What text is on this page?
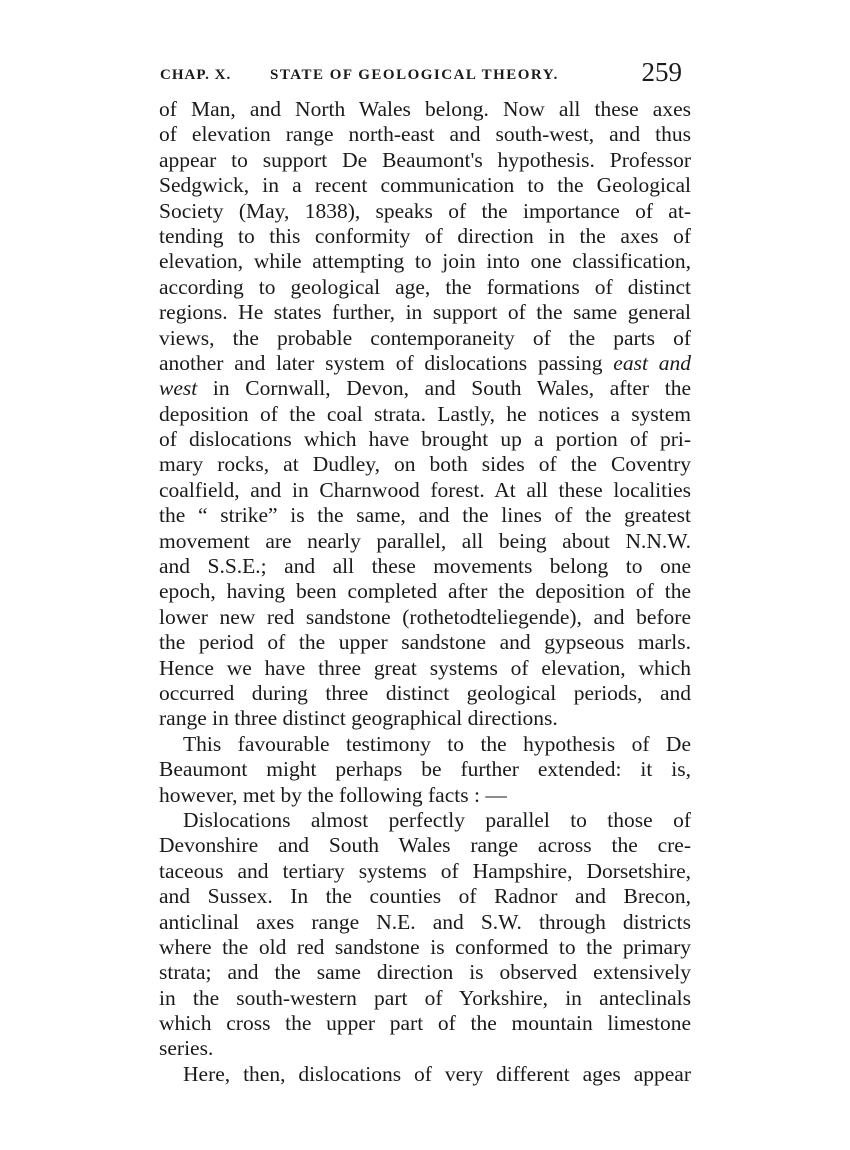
CHAP. X.	STATE OF GEOLOGICAL THEORY.	259
of Man, and North Wales belong. Now all these axes
of elevation range north-east and south-west, and thus
appear to support De Beaumont's hypothesis. Professor
Sedgwick, in a recent communication to the Geological
Society (May, 1838), speaks of the importance of at-
tending to this conformity of direction in the axes of
elevation, while attempting to join into one classification,
according to geological age, the formations of distinct
regions. He states further, in support of the same general
views, the probable contemporaneity of the parts of
another and later system of dislocations passing east and
west in Cornwall, Devon, and South Wales, after the
deposition of the coal strata. Lastly, he notices a system
of dislocations which have brought up a portion of pri-
mary rocks, at Dudley, on both sides of the Coventry
coalfield, and in Charnwood forest. At all these localities
the “ strike” is the same, and the lines of the greatest
movement are nearly parallel, all being about N.N.W.
and S.S.E.; and all these movements belong to one
epoch, having been completed after the deposition of the
lower new red sandstone (rothetodteliegende), and before
the period of the upper sandstone and gypseous marls.
Hence we have three great systems of elevation, which
occurred during three distinct geological periods, and
range in three distinct geographical directions.
This favourable testimony to the hypothesis of De
Beaumont might perhaps be further extended: it is,
however, met by the following facts : —
Dislocations almost perfectly parallel to those of
Devonshire and South Wales range across the cre-
taceous and tertiary systems of Hampshire, Dorsetshire,
and Sussex. In the counties of Radnor and Brecon,
anticlinal axes range N.E. and S.W. through districts
where the old red sandstone is conformed to the primary
strata; and the same direction is observed extensively
in the south-western part of Yorkshire, in anteclinals
which cross the upper part of the mountain limestone
series.
Here, then, dislocations of very different ages appear
